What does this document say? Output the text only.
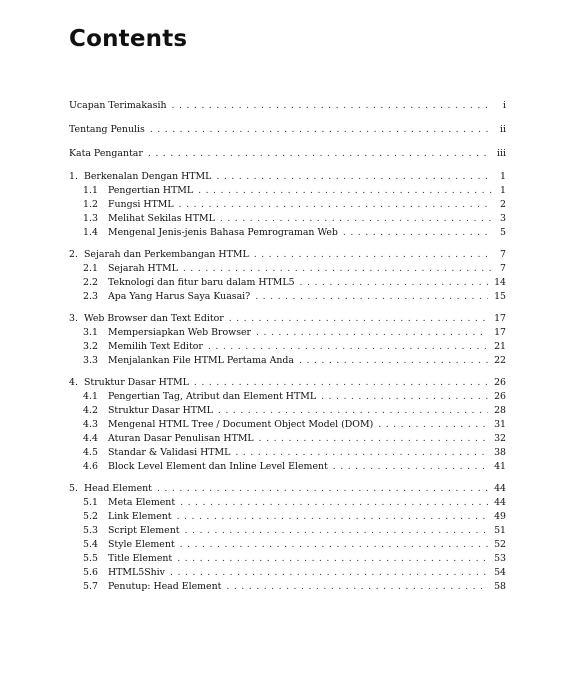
Contents
Ucapan Terimakasih . . .	i
Tentang Penulis . . .	ii
Kata Pengantar . . .	iii
1. Berkenalan Dengan HTML . . .	1
1.1	Pengertian HTML . . .	1
1.2	Fungsi HTML . . .	2
1.3	Melihat Sekilas HTML . . .	3
1.4	Mengenal Jenis-jenis Bahasa Pemrograman Web . . .	5
2. Sejarah dan Perkembangan HTML . . .	7
2.1	Sejarah HTML . . .	7
2.2	Teknologi dan fitur baru dalam HTML5 . . .	14
2.3	Apa Yang Harus Saya Kuasai? . . .	15
3. Web Browser dan Text Editor . . .	17
3.1	Mempersiapkan Web Browser . . .	17
3.2	Memilih Text Editor . . .	21
3.3	Menjalankan File HTML Pertama Anda . . .	22
4. Struktur Dasar HTML . . .	26
4.1	Pengertian Tag, Atribut dan Element HTML . . .	26
4.2	Struktur Dasar HTML . . .	28
4.3	Mengenal HTML Tree / Document Object Model (DOM) . . .	31
4.4	Aturan Dasar Penulisan HTML . . .	32
4.5	Standar & Validasi HTML . . .	38
4.6	Block Level Element dan Inline Level Element . . .	41
5. Head Element . . .	44
5.1	Meta Element . . .	44
5.2	Link Element . . .	49
5.3	Script Element . . .	51
5.4	Style Element . . .	52
5.5	Title Element . . .	53
5.6	HTML5Shiv . . .	54
5.7	Penutup: Head Element . . .	58
